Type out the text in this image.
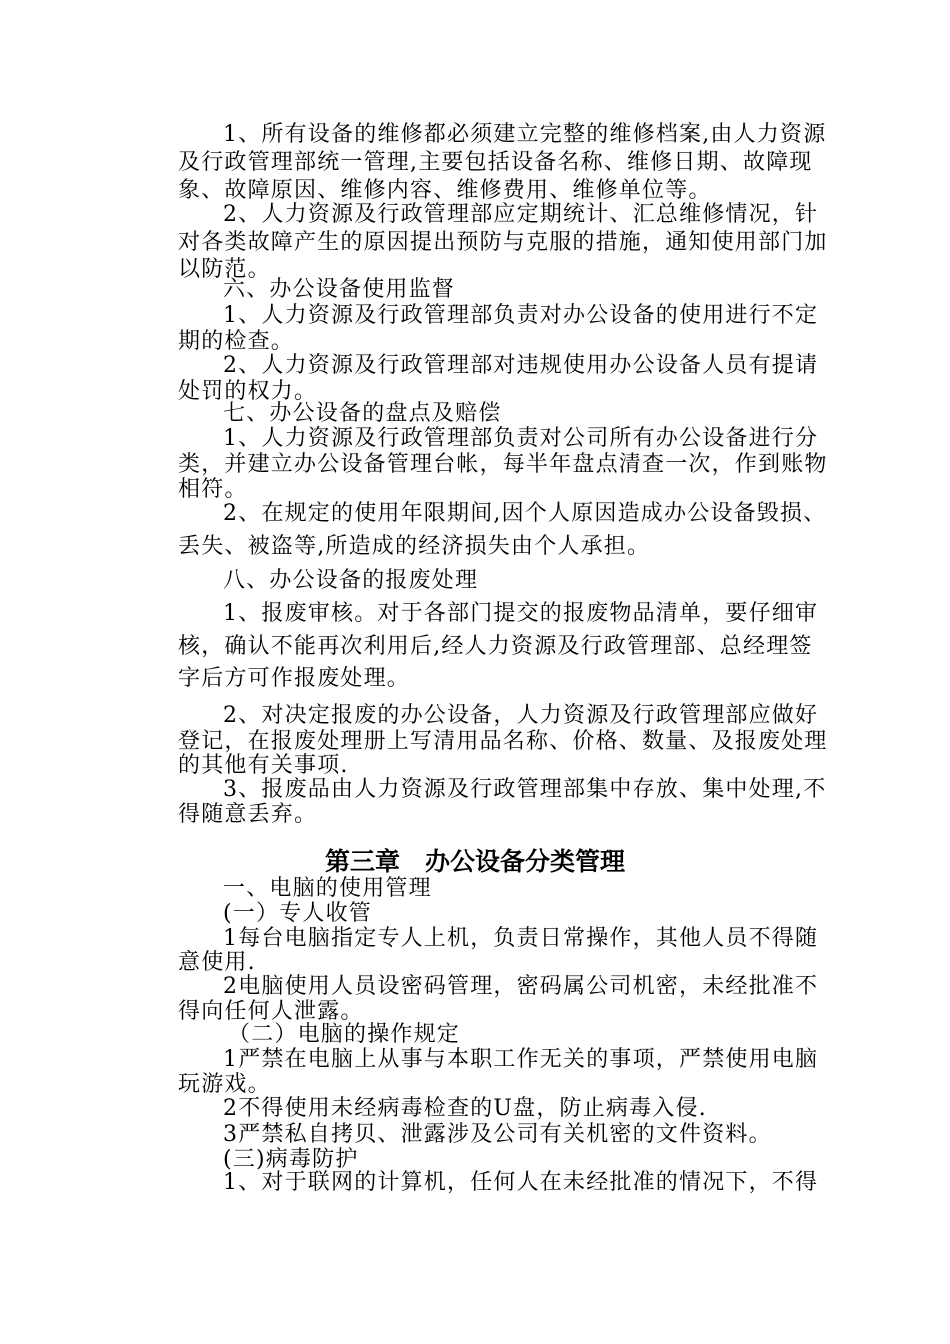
1、所有设备的维修都必须建立完整的维修档案,由人力资源
及行政管理部统一管理,主要包括设备名称、维修日期、故障现
象、故障原因、维修内容、维修费用、维修单位等。
2、人力资源及行政管理部应定期统计、汇总维修情况，针
对各类故障产生的原因提出预防与克服的措施，通知使用部门加
以防范。
六、办公设备使用监督
1、人力资源及行政管理部负责对办公设备的使用进行不定
期的检查。
2、人力资源及行政管理部对违规使用办公设备人员有提请
处罚的权力。
七、办公设备的盘点及赔偿
1、人力资源及行政管理部负责对公司所有办公设备进行分
类，并建立办公设备管理台帐，每半年盘点清查一次，作到账物
相符。
2、在规定的使用年限期间,因个人原因造成办公设备毁损、
丢失、被盗等,所造成的经济损失由个人承担。
八、办公设备的报废处理
1、报废审核。对于各部门提交的报废物品清单，要仔细审
核，确认不能再次利用后,经人力资源及行政管理部、总经理签
字后方可作报废处理。
2、对决定报废的办公设备，人力资源及行政管理部应做好
登记，在报废处理册上写清用品名称、价格、数量、及报废处理
的其他有关事项.
3、报废品由人力资源及行政管理部集中存放、集中处理,不
得随意丢弃。
第三章　办公设备分类管理
一、电脑的使用管理
(一）专人收管
1每台电脑指定专人上机，负责日常操作，其他人员不得随
意使用.
2电脑使用人员设密码管理，密码属公司机密，未经批准不
得向任何人泄露。
（二）电脑的操作规定
1严禁在电脑上从事与本职工作无关的事项，严禁使用电脑
玩游戏。
2不得使用未经病毒检查的U盘，防止病毒入侵.
3严禁私自拷贝、泄露涉及公司有关机密的文件资料。
(三)病毒防护
1、对于联网的计算机，任何人在未经批准的情况下，不得
